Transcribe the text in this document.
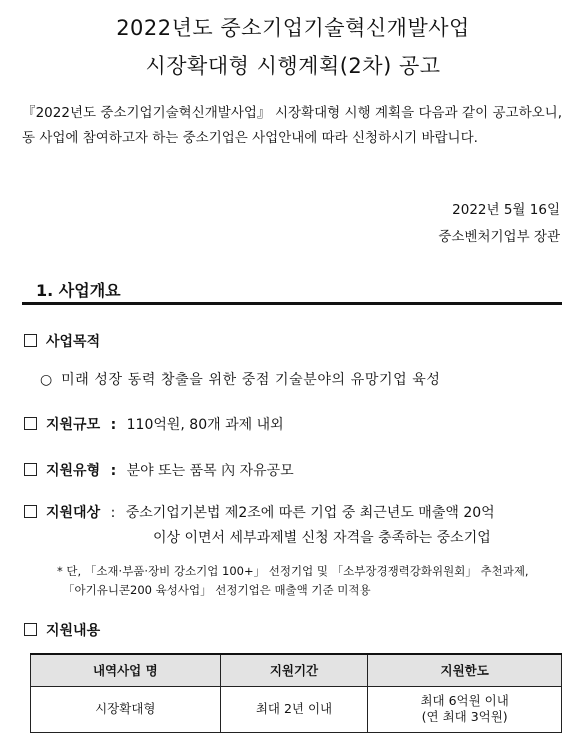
2022년도 중소기업기술혁신개발사업
시장확대형 시행계획(2차) 공고

『2022년도 중소기업기술혁신개발사업』 시장확대형 시행 계획을 다음과 같이 공고하오니, 동 사업에 참여하고자 하는 중소기업은 사업안내에 따라 신청하시기 바랍니다.

2022년 5월 16일
중소벤처기업부 장관
1. 사업개요
사업목적
○ 미래 성장 동력 창출을 위한 중점 기술분야의 유망기업 육성
지원규모 : 110억원, 80개 과제 내외
지원유형 : 분야 또는 품목 內 자유공모
지원대상 : 중소기업기본법 제2조에 따른 기업 중 최근년도 매출액 20억
이상 이면서 세부과제별 신청 자격을 충족하는 중소기업
* 단, 「소재·부품·장비 강소기업 100+」 선정기업 및 「소부장경쟁력강화위원회」 추천과제,
「아기유니콘200 육성사업」 선정기업은 매출액 기준 미적용
지원내용
내역사업 명	지원기간	지원한도
시장확대형	최대 2년 이내	최대 6억원 이내
(연 최대 3억원)
